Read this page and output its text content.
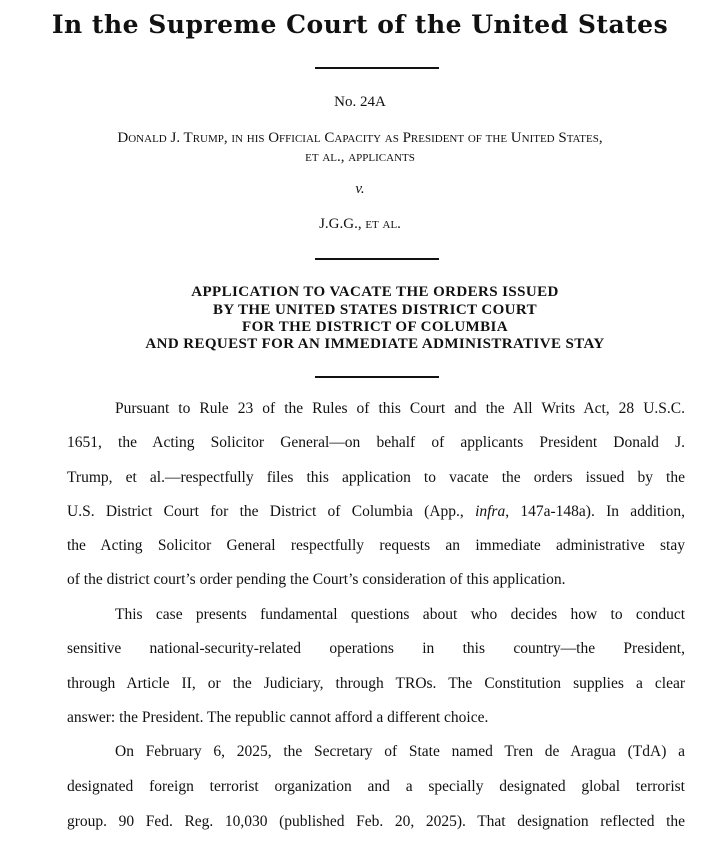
In the Supreme Court of the United States
No. 24A
Donald J. Trump, in his Official Capacity as President of the United States,
et al., applicants
v.
J.G.G., et al.
APPLICATION TO VACATE THE ORDERS ISSUED
BY THE UNITED STATES DISTRICT COURT
FOR THE DISTRICT OF COLUMBIA
AND REQUEST FOR AN IMMEDIATE ADMINISTRATIVE STAY
Pursuant to Rule 23 of the Rules of this Court and the All Writs Act, 28 U.S.C.
1651, the Acting Solicitor General—on behalf of applicants President Donald J.
Trump, et al.—respectfully files this application to vacate the orders issued by the
U.S. District Court for the District of Columbia (App., infra, 147a-148a). In addition,
the Acting Solicitor General respectfully requests an immediate administrative stay
of the district court’s order pending the Court’s consideration of this application.
This case presents fundamental questions about who decides how to conduct
sensitive national-security-related operations in this country—the President,
through Article II, or the Judiciary, through TROs. The Constitution supplies a clear
answer: the President. The republic cannot afford a different choice.
On February 6, 2025, the Secretary of State named Tren de Aragua (TdA) a
designated foreign terrorist organization and a specially designated global terrorist
group. 90 Fed. Reg. 10,030 (published Feb. 20, 2025). That designation reflected the
